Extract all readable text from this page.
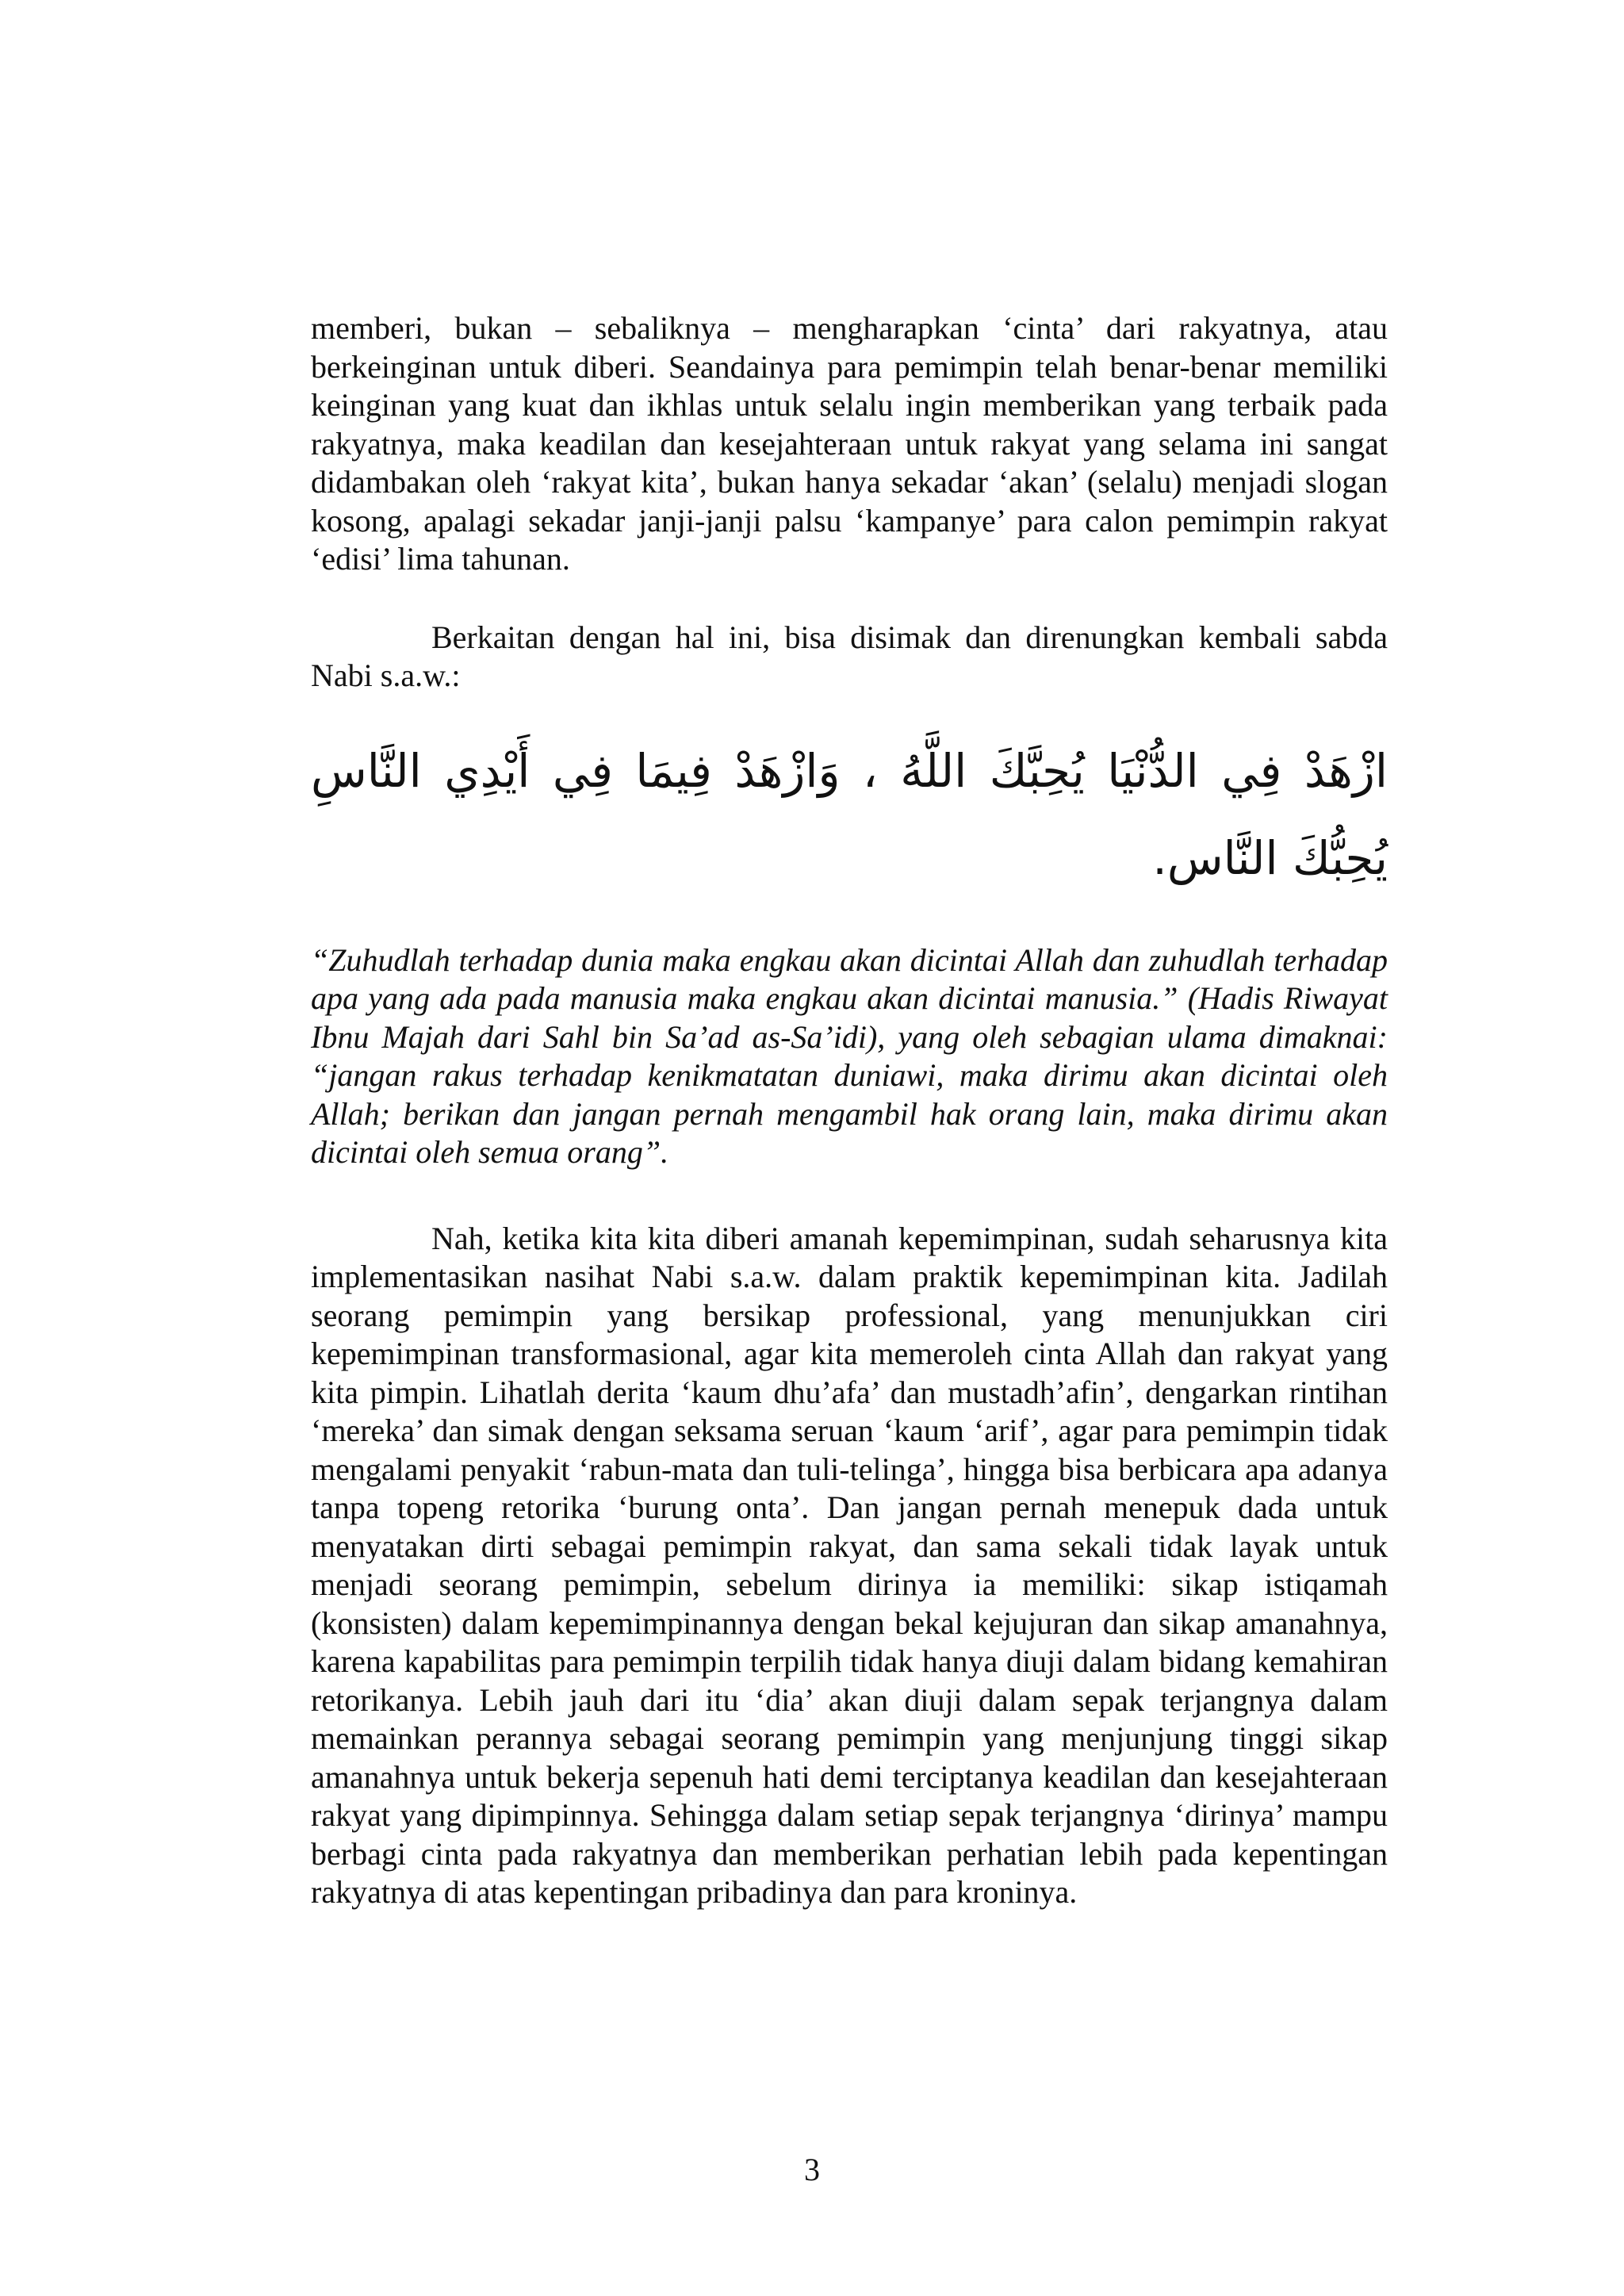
memberi, bukan – sebaliknya – mengharapkan ‘cinta’ dari rakyatnya, atau berkeinginan untuk diberi. Seandainya para pemimpin telah benar-benar memiliki keinginan yang kuat dan ikhlas untuk selalu ingin memberikan yang terbaik pada rakyatnya, maka keadilan dan kesejahteraan untuk rakyat yang selama ini sangat didambakan oleh ‘rakyat kita’, bukan hanya sekadar ‘akan’ (selalu) menjadi slogan kosong, apalagi sekadar janji-janji palsu ‘kampanye’ para calon pemimpin rakyat ‘edisi’ lima tahunan.

Berkaitan dengan hal ini, bisa disimak dan direnungkan kembali sabda Nabi s.a.w.:

ازْهَدْ فِي الدُّنْيَا يُحِبَّكَ اللَّهُ ، وَازْهَدْ فِيمَا فِي أَيْدِي النَّاسِ يُحِبُّكَ النَّاس.

“Zuhudlah terhadap dunia maka engkau akan dicintai Allah dan zuhudlah terhadap apa yang ada pada manusia maka engkau akan dicintai manusia.” (Hadis Riwayat Ibnu Majah dari Sahl bin Sa’ad as-Sa’idi), yang oleh sebagian ulama dimaknai: “jangan rakus terhadap kenikmatatan duniawi, maka dirimu akan dicintai oleh Allah; berikan dan jangan pernah mengambil hak orang lain, maka dirimu akan dicintai oleh semua orang”.

Nah, ketika kita kita diberi amanah kepemimpinan, sudah seharusnya kita implementasikan nasihat Nabi s.a.w. dalam praktik kepemimpinan kita. Jadilah seorang pemimpin yang bersikap professional, yang menunjukkan ciri kepemimpinan transformasional, agar kita memeroleh cinta Allah dan rakyat yang kita pimpin. Lihatlah derita ‘kaum dhu’afa’ dan mustadh’afin’, dengarkan rintihan ‘mereka’ dan simak dengan seksama seruan ‘kaum ‘arif’, agar para pemimpin tidak mengalami penyakit ‘rabun-mata dan tuli-telinga’, hingga bisa berbicara apa adanya tanpa topeng retorika ‘burung onta’. Dan jangan pernah menepuk dada untuk menyatakan dirti sebagai pemimpin rakyat, dan sama sekali tidak layak untuk menjadi seorang pemimpin, sebelum dirinya ia memiliki: sikap istiqamah (konsisten) dalam kepemimpinannya dengan bekal kejujuran dan sikap amanahnya, karena kapabilitas para pemimpin terpilih tidak hanya diuji dalam bidang kemahiran retorikanya. Lebih jauh dari itu ‘dia’ akan diuji dalam sepak terjangnya dalam memainkan perannya sebagai seorang pemimpin yang menjunjung tinggi sikap amanahnya untuk bekerja sepenuh hati demi terciptanya keadilan dan kesejahteraan rakyat yang dipimpinnya. Sehingga dalam setiap sepak terjangnya ‘dirinya’ mampu berbagi cinta pada rakyatnya dan memberikan perhatian lebih pada kepentingan rakyatnya di atas kepentingan pribadinya dan para kroninya.

3
